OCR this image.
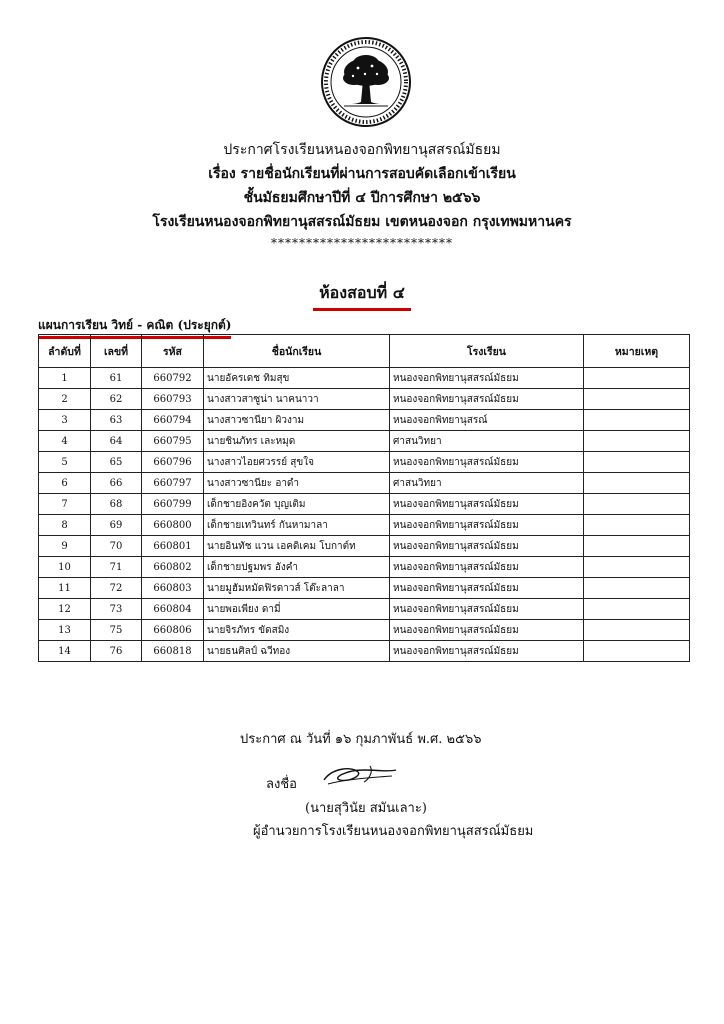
ประกาศโรงเรียนหนองจอกพิทยานุสสรณ์มัธยม
เรื่อง รายชื่อนักเรียนที่ผ่านการสอบคัดเลือกเข้าเรียน
ชั้นมัธยมศึกษาปีที่ ๔ ปีการศึกษา ๒๕๖๖
โรงเรียนหนองจอกพิทยานุสสรณ์มัธยม เขตหนองจอก กรุงเทพมหานคร
**************************
ห้องสอบที่ ๔
แผนการเรียน วิทย์ - คณิต (ประยุกต์)
ลำดับที่	เลขที่	รหัส	ชื่อนักเรียน	โรงเรียน	หมายเหตุ
1	61	660792	นายอัครเดช ทิมสุข	หนองจอกพิทยานุสสรณ์มัธยม	
2	62	660793	นางสาวสาซูน่า นาคนาวา	หนองจอกพิทยานุสสรณ์มัธยม	
3	63	660794	นางสาวซานียา ผิวงาม	หนองจอกพิทยานุสรณ์	
4	64	660795	นายชินภัทร เละหมุด	ศาสนวิทยา	
5	65	660796	นางสาวไอยศวรรย์ สุขใจ	หนองจอกพิทยานุสสรณ์มัธยม	
6	66	660797	นางสาวซานียะ อาดำ	ศาสนวิทยา	
7	68	660799	เด็กชายอิงควัต บุญเติม	หนองจอกพิทยานุสสรณ์มัธยม	
8	69	660800	เด็กชายเทวินทร์ กันหามาลา	หนองจอกพิทยานุสสรณ์มัธยม	
9	70	660801	นายอินทัช แวน เอคดิเคม โบกาต์ท	หนองจอกพิทยานุสสรณ์มัธยม	
10	71	660802	เด็กชายปฐมพร อังคำ	หนองจอกพิทยานุสสรณ์มัธยม	
11	72	660803	นายมูฮัมหมัดฟิรดาวส์ โต๊ะลาลา	หนองจอกพิทยานุสสรณ์มัธยม	
12	73	660804	นายพอเพียง ดามี่	หนองจอกพิทยานุสสรณ์มัธยม	
13	75	660806	นายจิรภัทร ขัดสมิง	หนองจอกพิทยานุสสรณ์มัธยม	
14	76	660818	นายธนศิลป์ ฉวีทอง	หนองจอกพิทยานุสสรณ์มัธยม	
ประกาศ ณ วันที่ ๑๖ กุมภาพันธ์ พ.ศ. ๒๕๖๖
ลงชื่อ
(นายสุวินัย สมันเลาะ)
ผู้อำนวยการโรงเรียนหนองจอกพิทยานุสสรณ์มัธยม
